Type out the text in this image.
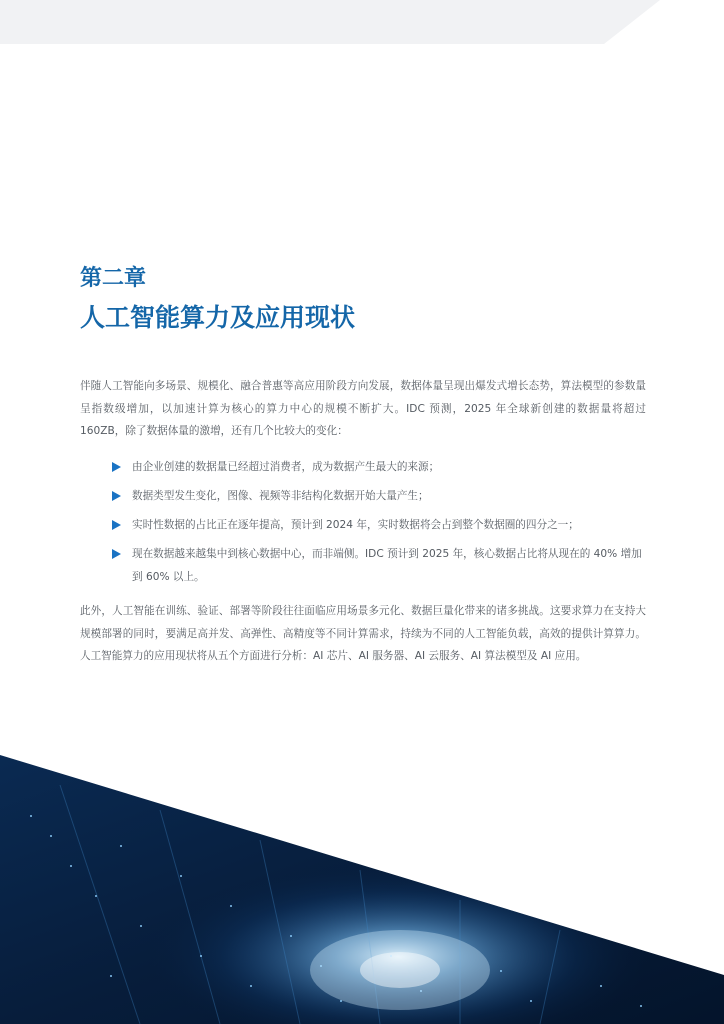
第二章
人工智能算力及应用现状

伴随人工智能向多场景、规模化、融合普惠等高应用阶段方向发展，数据体量呈现出爆发式增长态势，算法模型的参数量呈指数级增加，以加速计算为核心的算力中心的规模不断扩大。IDC 预测，2025 年全球新创建的数据量将超过 160ZB，除了数据体量的激增，还有几个比较大的变化：

由企业创建的数据量已经超过消费者，成为数据产生最大的来源；
数据类型发生变化，图像、视频等非结构化数据开始大量产生；
实时性数据的占比正在逐年提高，预计到 2024 年，实时数据将会占到整个数据圈的四分之一；
现在数据越来越集中到核心数据中心，而非端侧。IDC 预计到 2025 年，核心数据占比将从现在的 40% 增加到 60% 以上。

此外，人工智能在训练、验证、部署等阶段往往面临应用场景多元化、数据巨量化带来的诸多挑战。这要求算力在支持大规模部署的同时，要满足高并发、高弹性、高精度等不同计算需求，持续为不同的人工智能负载，高效的提供计算算力。人工智能算力的应用现状将从五个方面进行分析：AI 芯片、AI 服务器、AI 云服务、AI 算法模型及 AI 应用。
